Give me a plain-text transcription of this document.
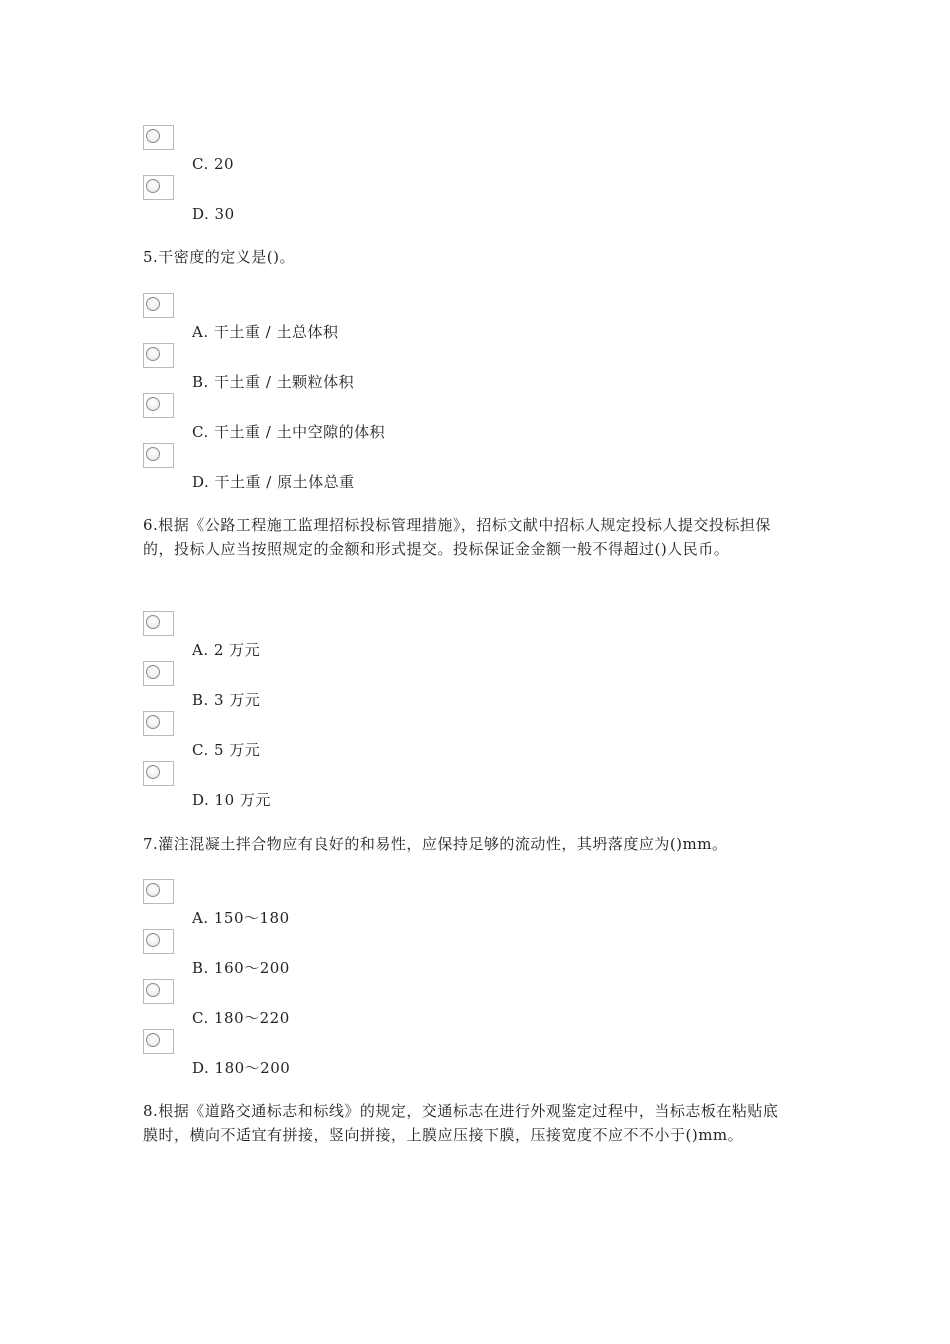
C. 20
D. 30
5.干密度的定义是()。
A. 干土重 / 土总体积
B. 干土重 / 土颗粒体积
C. 干土重 / 土中空隙的体积
D. 干土重 / 原土体总重
6.根据《公路工程施工监理招标投标管理措施》，招标文献中招标人规定投标人提交投标担保的，投标人应当按照规定的金额和形式提交。投标保证金金额一般不得超过()人民币。
A. 2 万元
B. 3 万元
C. 5 万元
D. 10 万元
7.灌注混凝土拌合物应有良好的和易性，应保持足够的流动性，其坍落度应为()mm。
A. 150～180
B. 160～200
C. 180～220
D. 180～200
8.根据《道路交通标志和标线》的规定，交通标志在进行外观鉴定过程中，当标志板在粘贴底膜时，横向不适宜有拼接，竖向拼接，上膜应压接下膜，压接宽度不应不不小于()mm。
